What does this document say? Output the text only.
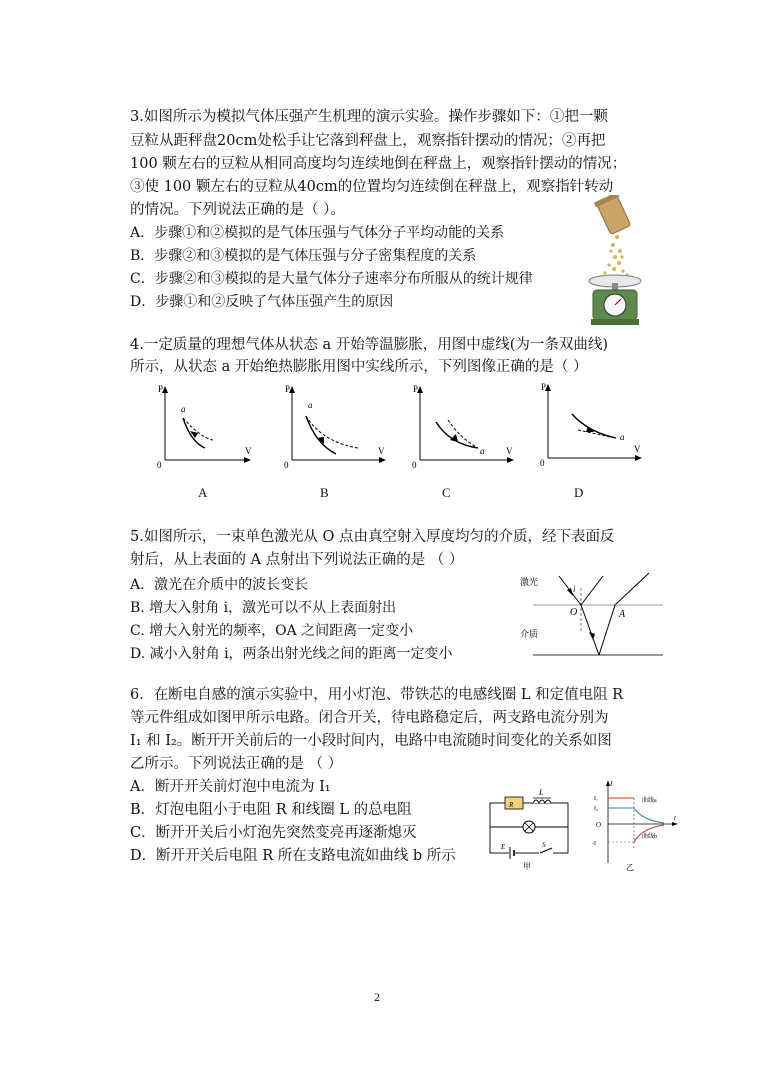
3.如图所示为模拟气体压强产生机理的演示实验。操作步骤如下：①把一颗
豆粒从距秤盘20cm处松手让它落到秤盘上，观察指针摆动的情况；②再把
100 颗左右的豆粒从相同高度均匀连续地倒在秤盘上，观察指针摆动的情况；
③使 100 颗左右的豆粒从40cm的位置均匀连续倒在秤盘上，观察指针转动
的情况。下列说法正确的是（ ）。
A．步骤①和②模拟的是气体压强与气体分子平均动能的关系
B．步骤②和③模拟的是气体压强与分子密集程度的关系
C．步骤②和③模拟的是大量气体分子速率分布所服从的统计规律
D．步骤①和②反映了气体压强产生的原因
4.一定质量的理想气体从状态 a 开始等温膨胀，用图中虚线(为一条双曲线)
所示，从状态 a 开始绝热膨胀用图中实线所示，下列图像正确的是（ ）
P
V
0
a
A
P
V
0
a
B
P
V
0
a
C
P
V
0
a
D
5.如图所示，一束单色激光从 O 点由真空射入厚度均匀的介质，经下表面反
射后，从上表面的 A 点射出下列说法正确的是 （ ）
A．激光在介质中的波长变长
B. 增大入射角 i，激光可以不从上表面射出
C. 增大入射光的频率，OA 之间距离一定变小
D. 减小入射角 i，两条出射光线之间的距离一定变小
激光
介质
i
O	A
6．在断电自感的演示实验中，用小灯泡、带铁芯的电感线圈 L 和定值电阻 R
等元件组成如图甲所示电路。闭合开关，待电路稳定后，两支路电流分别为
I₁ 和 I₂。断开开关前后的一小段时间内，电路中电流随时间变化的关系如图
乙所示。下列说法正确的是 （ ）
A．断开开关前灯泡中电流为 I₁
B．灯泡电阻小于电阻 R 和线圈 L 的总电阻
C．断开开关后小灯泡先突然变亮再逐渐熄灭
D．断开开关后电阻 R 所在支路电流如曲线 b 所示
R
L
E	S
甲
I
t
I₁
I₂
O
-I
曲线a
曲线b
乙
2
